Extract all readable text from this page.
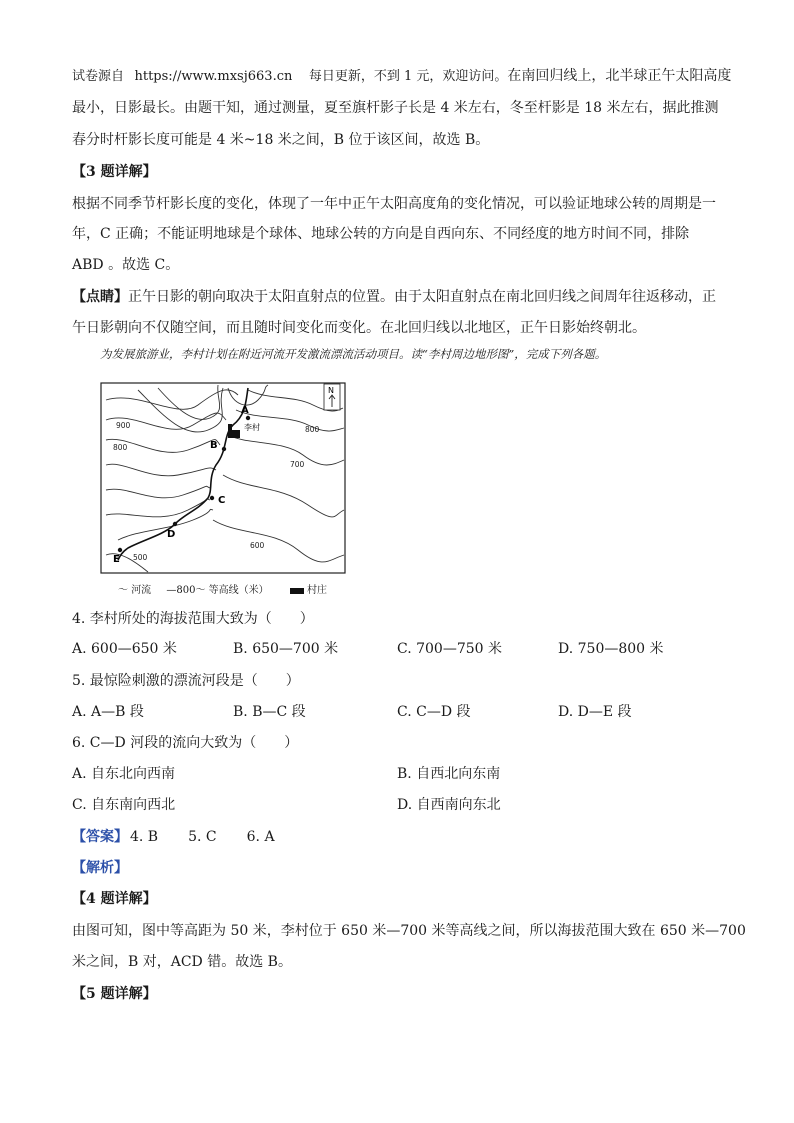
试卷源自 https://www.mxsj663.cn 每日更新，不到 1 元，欢迎访问。在南回归线上，北半球正午太阳高度
最小，日影最长。由题干知，通过测量，夏至旗杆影子长是 4 米左右，冬至杆影是 18 米左右，据此推测
春分时杆影长度可能是 4 米~18 米之间，B 位于该区间，故选 B。
【3 题详解】
根据不同季节杆影长度的变化，体现了一年中正午太阳高度角的变化情况，可以验证地球公转的周期是一
年，C 正确；不能证明地球是个球体、地球公转的方向是自西向东、不同经度的地方时间不同，排除
ABD 。故选 C。
【点睛】正午日影的朝向取决于太阳直射点的位置。由于太阳直射点在南北回归线之间周年往返移动，正
午日影朝向不仅随空间，而且随时间变化而变化。在北回归线以北地区，正午日影始终朝北。
为发展旅游业，李村计划在附近河流开发激流漂流活动项目。读“李村周边地形图”，完成下列各题。
李村
A
B
C
D
E
900
800
800
700
600
500
N
〜 河流 —800〜 等高线（米）	村庄
4. 李村所处的海拔范围大致为（　　）
A. 600—650 米	B. 650—700 米	C. 700—750 米	D. 750—800 米
5. 最惊险刺激的漂流河段是（　　）
A. A—B 段	B. B—C 段	C. C—D 段	D. D—E 段
6. C—D 河段的流向大致为（　　）
A. 自东北向西南	B. 自西北向东南
C. 自东南向西北	D. 自西南向东北
【答案】 4. B 5. C 6. A
【解析】
【4 题详解】
由图可知，图中等高距为 50 米，李村位于 650 米—700 米等高线之间，所以海拔范围大致在 650 米—700
米之间，B 对，ACD 错。故选 B。
【5 题详解】
